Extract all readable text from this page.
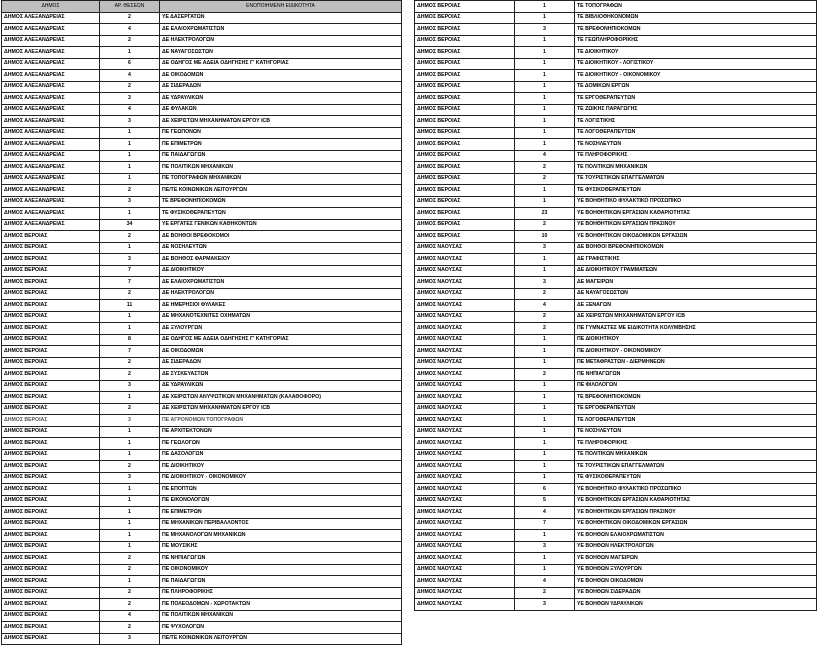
ΔΗΜΟΣ	ΑΡ. ΘΕΣΕΩΝ	ΕΝΟΠΟΙΗΜΕΝΗ ΕΙΔΙΚΟΤΗΤΑ
ΔΗΜΟΣ ΑΛΕΞΑΝΔΡΕΙΑΣ	2	ΥΕ ΔΑΣΕΡΓΑΤΩΝ
ΔΗΜΟΣ ΑΛΕΞΑΝΔΡΕΙΑΣ	4	ΔΕ ΕΛΑΙΟΧΡΩΜΑΤΙΣΤΩΝ
ΔΗΜΟΣ ΑΛΕΞΑΝΔΡΕΙΑΣ	2	ΔΕ ΗΛΕΚΤΡΟΛΟΓΩΝ
ΔΗΜΟΣ ΑΛΕΞΑΝΔΡΕΙΑΣ	1	ΔΕ ΝΑΥΑΓΟΣΩΣΤΩΝ
ΔΗΜΟΣ ΑΛΕΞΑΝΔΡΕΙΑΣ	6	ΔΕ ΟΔΗΓΟΣ ΜΕ ΑΔΕΙΑ ΟΔΗΓΗΣΗΣ Γ' ΚΑΤΗΓΟΡΙΑΣ
ΔΗΜΟΣ ΑΛΕΞΑΝΔΡΕΙΑΣ	4	ΔΕ ΟΙΚΟΔΟΜΩΝ
ΔΗΜΟΣ ΑΛΕΞΑΝΔΡΕΙΑΣ	2	ΔΕ ΣΙΔΕΡΑΔΩΝ
ΔΗΜΟΣ ΑΛΕΞΑΝΔΡΕΙΑΣ	3	ΔΕ ΥΔΡΑΥΛΙΚΩΝ
ΔΗΜΟΣ ΑΛΕΞΑΝΔΡΕΙΑΣ	4	ΔΕ ΦΥΛΑΚΩΝ
ΔΗΜΟΣ ΑΛΕΞΑΝΔΡΕΙΑΣ	3	ΔΕ ΧΕΙΡΙΣΤΩΝ ΜΗΧΑΝΗΜΑΤΩΝ ΕΡΓΟΥ ICB
ΔΗΜΟΣ ΑΛΕΞΑΝΔΡΕΙΑΣ	1	ΠΕ ΓΕΩΠΟΝΩΝ
ΔΗΜΟΣ ΑΛΕΞΑΝΔΡΕΙΑΣ	1	ΠΕ ΕΠΙΜΕΤΡΩΝ
ΔΗΜΟΣ ΑΛΕΞΑΝΔΡΕΙΑΣ	1	ΠΕ ΠΑΙΔΑΓΩΓΩΝ
ΔΗΜΟΣ ΑΛΕΞΑΝΔΡΕΙΑΣ	1	ΠΕ ΠΟΛΙΤΙΚΩΝ ΜΗΧΑΝΙΚΩΝ
ΔΗΜΟΣ ΑΛΕΞΑΝΔΡΕΙΑΣ	1	ΠΕ ΤΟΠΟΓΡΑΦΩΝ ΜΗΧΑΝΙΚΩΝ
ΔΗΜΟΣ ΑΛΕΞΑΝΔΡΕΙΑΣ	2	ΠΕ/ΤΕ ΚΟΙΝΩΝΙΚΩΝ ΛΕΙΤΟΥΡΓΩΝ
ΔΗΜΟΣ ΑΛΕΞΑΝΔΡΕΙΑΣ	3	ΤΕ ΒΡΕΦΟΝΗΠΙΟΚΟΜΩΝ
ΔΗΜΟΣ ΑΛΕΞΑΝΔΡΕΙΑΣ	1	ΤΕ ΦΥΣΙΚΟΘΕΡΑΠΕΥΤΩΝ
ΔΗΜΟΣ ΑΛΕΞΑΝΔΡΕΙΑΣ	34	ΥΕ ΕΡΓΑΤΕΣ ΓΕΝΙΚΩΝ ΚΑΘΗΚΟΝΤΩΝ
ΔΗΜΟΣ ΒΕΡΟΙΑΣ	2	ΔΕ ΒΟΗΘΟΙ ΒΡΕΦΟΚΟΜΟΙ
ΔΗΜΟΣ ΒΕΡΟΙΑΣ	1	ΔΕ ΝΟΣΗΛΕΥΤΩΝ
ΔΗΜΟΣ ΒΕΡΟΙΑΣ	3	ΔΕ ΒΟΗΘΟΣ ΦΑΡΜΑΚΕΙΟΥ
ΔΗΜΟΣ ΒΕΡΟΙΑΣ	7	ΔΕ ΔΙΟΙΚΗΤΙΚΟΥ
ΔΗΜΟΣ ΒΕΡΟΙΑΣ	7	ΔΕ ΕΛΑΙΟΧΡΩΜΑΤΙΣΤΩΝ
ΔΗΜΟΣ ΒΕΡΟΙΑΣ	2	ΔΕ ΗΛΕΚΤΡΟΛΟΓΩΝ
ΔΗΜΟΣ ΒΕΡΟΙΑΣ	11	ΔΕ ΗΜΕΡΗΣΙΟΙ ΦΥΛΑΚΕΣ
ΔΗΜΟΣ ΒΕΡΟΙΑΣ	1	ΔΕ ΜΗΧΑΝΟΤΕΧΝΙΤΕΣ ΟΧΗΜΑΤΩΝ
ΔΗΜΟΣ ΒΕΡΟΙΑΣ	1	ΔΕ ΞΥΛΟΥΡΓΩΝ
ΔΗΜΟΣ ΒΕΡΟΙΑΣ	8	ΔΕ ΟΔΗΓΟΣ ΜΕ ΑΔΕΙΑ ΟΔΗΓΗΣΗΣ Γ' ΚΑΤΗΓΟΡΙΑΣ
ΔΗΜΟΣ ΒΕΡΟΙΑΣ	7	ΔΕ ΟΙΚΟΔΟΜΩΝ
ΔΗΜΟΣ ΒΕΡΟΙΑΣ	2	ΔΕ ΣΙΔΕΡΑΔΩΝ
ΔΗΜΟΣ ΒΕΡΟΙΑΣ	2	ΔΕ ΣΥΣΚΕΥΑΣΤΩΝ
ΔΗΜΟΣ ΒΕΡΟΙΑΣ	3	ΔΕ ΥΔΡΑΥΛΙΚΩΝ
ΔΗΜΟΣ ΒΕΡΟΙΑΣ	1	ΔΕ ΧΕΙΡΙΣΤΩΝ ΑΝΥΨΩΤΙΚΩΝ ΜΗΧΑΝΗΜΑΤΩΝ (ΚΑΛΑΘΟΦΟΡΟ)
ΔΗΜΟΣ ΒΕΡΟΙΑΣ	2	ΔΕ ΧΕΙΡΙΣΤΩΝ ΜΗΧΑΝΗΜΑΤΩΝ ΕΡΓΟΥ ICB
ΔΗΜΟΣ ΒΕΡΟΙΑΣ	3	ΠΕ ΑΓΡΟΝΟΜΩΝ ΤΟΠΟΓΡΑΦΩΝ
ΔΗΜΟΣ ΒΕΡΟΙΑΣ	1	ΠΕ ΑΡΧΙΤΕΚΤΟΝΩΝ
ΔΗΜΟΣ ΒΕΡΟΙΑΣ	1	ΠΕ ΓΕΩΛΟΓΩΝ
ΔΗΜΟΣ ΒΕΡΟΙΑΣ	1	ΠΕ ΔΑΣΟΛΟΓΩΝ
ΔΗΜΟΣ ΒΕΡΟΙΑΣ	2	ΠΕ ΔΙΟΙΚΗΤΙΚΟΥ
ΔΗΜΟΣ ΒΕΡΟΙΑΣ	3	ΠΕ ΔΙΟΙΚΗΤΙΚΟΥ - ΟΙΚΟΝΟΜΙΚΟΥ
ΔΗΜΟΣ ΒΕΡΟΙΑΣ	1	ΠΕ ΕΠΟΠΤΩΝ
ΔΗΜΟΣ ΒΕΡΟΙΑΣ	1	ΠΕ ΕΙΚΟΝΟΛΟΓΩΝ
ΔΗΜΟΣ ΒΕΡΟΙΑΣ	1	ΠΕ ΕΠΙΜΕΤΡΩΝ
ΔΗΜΟΣ ΒΕΡΟΙΑΣ	1	ΠΕ ΜΗΧΑΝΙΚΩΝ ΠΕΡΙΒΑΛΛΟΝΤΟΣ
ΔΗΜΟΣ ΒΕΡΟΙΑΣ	1	ΠΕ ΜΗΧΑΝΟΛΟΓΩΝ ΜΗΧΑΝΙΚΩΝ
ΔΗΜΟΣ ΒΕΡΟΙΑΣ	1	ΠΕ ΜΟΥΣΙΚΗΣ
ΔΗΜΟΣ ΒΕΡΟΙΑΣ	2	ΠΕ ΝΗΠΙΑΓΩΓΩΝ
ΔΗΜΟΣ ΒΕΡΟΙΑΣ	2	ΠΕ ΟΙΚΟΝΟΜΙΚΟΥ
ΔΗΜΟΣ ΒΕΡΟΙΑΣ	1	ΠΕ ΠΑΙΔΑΓΩΓΩΝ
ΔΗΜΟΣ ΒΕΡΟΙΑΣ	2	ΠΕ ΠΛΗΡΟΦΟΡΙΚΗΣ
ΔΗΜΟΣ ΒΕΡΟΙΑΣ	2	ΠΕ ΠΟΛΕΟΔΟΜΩΝ - ΧΩΡΟΤΑΚΤΩΝ
ΔΗΜΟΣ ΒΕΡΟΙΑΣ	4	ΠΕ ΠΟΛΙΤΙΚΩΝ ΜΗΧΑΝΙΚΩΝ
ΔΗΜΟΣ ΒΕΡΟΙΑΣ	2	ΠΕ ΨΥΧΟΛΟΓΩΝ
ΔΗΜΟΣ ΒΕΡΟΙΑΣ	3	ΠΕ/ΤΕ ΚΟΙΝΩΝΙΚΩΝ ΛΕΙΤΟΥΡΓΩΝ
ΔΗΜΟΣ ΒΕΡΟΙΑΣ	1	ΤΕ ΤΟΠΟΓΡΑΦΩΝ
ΔΗΜΟΣ ΒΕΡΟΙΑΣ	1	ΤΕ ΒΙΒΛΙΟΘΗΚΟΝΟΜΩΝ
ΔΗΜΟΣ ΒΕΡΟΙΑΣ	3	ΤΕ ΒΡΕΦΟΝΗΠΙΟΚΟΜΩΝ
ΔΗΜΟΣ ΒΕΡΟΙΑΣ	1	ΤΕ ΓΕΩΠΛΗΡΟΦΟΡΙΚΗΣ
ΔΗΜΟΣ ΒΕΡΟΙΑΣ	1	ΤΕ ΔΙΟΙΚΗΤΙΚΟΥ
ΔΗΜΟΣ ΒΕΡΟΙΑΣ	1	ΤΕ ΔΙΟΙΚΗΤΙΚΟΥ - ΛΟΓΙΣΤΙΚΟΥ
ΔΗΜΟΣ ΒΕΡΟΙΑΣ	1	ΤΕ ΔΙΟΙΚΗΤΙΚΟΥ - ΟΙΚΟΝΟΜΙΚΟΥ
ΔΗΜΟΣ ΒΕΡΟΙΑΣ	1	ΤΕ ΔΟΜΙΚΩΝ ΕΡΓΩΝ
ΔΗΜΟΣ ΒΕΡΟΙΑΣ	1	ΤΕ ΕΡΓΟΘΕΡΑΠΕΥΤΩΝ
ΔΗΜΟΣ ΒΕΡΟΙΑΣ	1	ΤΕ ΖΩΙΚΗΣ ΠΑΡΑΓΩΓΗΣ
ΔΗΜΟΣ ΒΕΡΟΙΑΣ	1	ΤΕ ΛΟΓΙΣΤΙΚΗΣ
ΔΗΜΟΣ ΒΕΡΟΙΑΣ	1	ΤΕ ΛΟΓΟΘΕΡΑΠΕΥΤΩΝ
ΔΗΜΟΣ ΒΕΡΟΙΑΣ	1	ΤΕ ΝΟΣΗΛΕΥΤΩΝ
ΔΗΜΟΣ ΒΕΡΟΙΑΣ	4	ΤΕ ΠΛΗΡΟΦΟΡΙΚΗΣ
ΔΗΜΟΣ ΒΕΡΟΙΑΣ	2	ΤΕ ΠΟΛΙΤΙΚΩΝ ΜΗΧΑΝΙΚΩΝ
ΔΗΜΟΣ ΒΕΡΟΙΑΣ	2	ΤΕ ΤΟΥΡΙΣΤΙΚΩΝ ΕΠΑΓΓΕΛΜΑΤΩΝ
ΔΗΜΟΣ ΒΕΡΟΙΑΣ	1	ΤΕ ΦΥΣΙΚΟΘΕΡΑΠΕΥΤΩΝ
ΔΗΜΟΣ ΒΕΡΟΙΑΣ	1	ΥΕ ΒΟΗΘΗΤΙΚΟ ΦΥΛΑΚΤΙΚΟ ΠΡΟΣΩΠΙΚΟ
ΔΗΜΟΣ ΒΕΡΟΙΑΣ	23	ΥΕ ΒΟΗΘΗΤΙΚΩΝ ΕΡΓΑΣΙΩΝ ΚΑΘΑΡΙΟΤΗΤΑΣ
ΔΗΜΟΣ ΒΕΡΟΙΑΣ	2	ΥΕ ΒΟΗΘΗΤΙΚΩΝ ΕΡΓΑΣΙΩΝ ΠΡΑΣΙΝΟΥ
ΔΗΜΟΣ ΒΕΡΟΙΑΣ	10	ΥΕ ΒΟΗΘΗΤΙΚΩΝ ΟΙΚΟΔΟΜΙΚΩΝ ΕΡΓΑΣΙΩΝ
ΔΗΜΟΣ ΝΑΟΥΣΑΣ	3	ΔΕ ΒΟΗΘΟΙ ΒΡΕΦΟΝΗΠΙΟΚΟΜΩΝ
ΔΗΜΟΣ ΝΑΟΥΣΑΣ	1	ΔΕ ΓΡΑΦΙΣΤΙΚΗΣ
ΔΗΜΟΣ ΝΑΟΥΣΑΣ	1	ΔΕ ΔΙΟΙΚΗΤΙΚΟΥ ΓΡΑΜΜΑΤΕΩΝ
ΔΗΜΟΣ ΝΑΟΥΣΑΣ	3	ΔΕ ΜΑΓΕΙΡΩΝ
ΔΗΜΟΣ ΝΑΟΥΣΑΣ	2	ΔΕ ΝΑΥΑΓΟΣΩΣΤΩΝ
ΔΗΜΟΣ ΝΑΟΥΣΑΣ	4	ΔΕ ΞΕΝΑΓΩΝ
ΔΗΜΟΣ ΝΑΟΥΣΑΣ	2	ΔΕ ΧΕΙΡΙΣΤΩΝ ΜΗΧΑΝΗΜΑΤΩΝ ΕΡΓΟΥ ICB
ΔΗΜΟΣ ΝΑΟΥΣΑΣ	2	ΠΕ ΓΥΜΝΑΣΤΕΣ ΜΕ ΕΙΔΙΚΟΤΗΤΑ ΚΟΛΥΜΒΗΣΗΣ
ΔΗΜΟΣ ΝΑΟΥΣΑΣ	1	ΠΕ ΔΙΟΙΚΗΤΙΚΟΥ
ΔΗΜΟΣ ΝΑΟΥΣΑΣ	1	ΠΕ ΔΙΟΙΚΗΤΙΚΟΥ - ΟΙΚΟΝΟΜΙΚΟΥ
ΔΗΜΟΣ ΝΑΟΥΣΑΣ	1	ΠΕ ΜΕΤΑΦΡΑΣΤΩΝ - ΔΙΕΡΜΗΝΕΩΝ
ΔΗΜΟΣ ΝΑΟΥΣΑΣ	2	ΠΕ ΝΗΠΙΑΓΩΓΩΝ
ΔΗΜΟΣ ΝΑΟΥΣΑΣ	1	ΠΕ ΦΙΛΟΛΟΓΩΝ
ΔΗΜΟΣ ΝΑΟΥΣΑΣ	1	ΤΕ ΒΡΕΦΟΝΗΠΙΟΚΟΜΩΝ
ΔΗΜΟΣ ΝΑΟΥΣΑΣ	1	ΤΕ ΕΡΓΟΘΕΡΑΠΕΥΤΩΝ
ΔΗΜΟΣ ΝΑΟΥΣΑΣ	1	ΤΕ ΛΟΓΟΘΕΡΑΠΕΥΤΩΝ
ΔΗΜΟΣ ΝΑΟΥΣΑΣ	1	ΤΕ ΝΟΣΗΛΕΥΤΩΝ
ΔΗΜΟΣ ΝΑΟΥΣΑΣ	1	ΤΕ ΠΛΗΡΟΦΟΡΙΚΗΣ
ΔΗΜΟΣ ΝΑΟΥΣΑΣ	1	ΤΕ ΠΟΛΙΤΙΚΩΝ ΜΗΧΑΝΙΚΩΝ
ΔΗΜΟΣ ΝΑΟΥΣΑΣ	1	ΤΕ ΤΟΥΡΙΣΤΙΚΩΝ ΕΠΑΓΓΕΛΜΑΤΩΝ
ΔΗΜΟΣ ΝΑΟΥΣΑΣ	1	ΤΕ ΦΥΣΙΚΟΘΕΡΑΠΕΥΤΩΝ
ΔΗΜΟΣ ΝΑΟΥΣΑΣ	6	ΥΕ ΒΟΗΘΗΤΙΚΟ ΦΥΛΑΚΤΙΚΟ ΠΡΟΣΩΠΙΚΟ
ΔΗΜΟΣ ΝΑΟΥΣΑΣ	5	ΥΕ ΒΟΗΘΗΤΙΚΩΝ ΕΡΓΑΣΙΩΝ ΚΑΘΑΡΙΟΤΗΤΑΣ
ΔΗΜΟΣ ΝΑΟΥΣΑΣ	4	ΥΕ ΒΟΗΘΗΤΙΚΩΝ ΕΡΓΑΣΙΩΝ ΠΡΑΣΙΝΟΥ
ΔΗΜΟΣ ΝΑΟΥΣΑΣ	7	ΥΕ ΒΟΗΘΗΤΙΚΩΝ ΟΙΚΟΔΟΜΙΚΩΝ ΕΡΓΑΣΙΩΝ
ΔΗΜΟΣ ΝΑΟΥΣΑΣ	1	ΥΕ ΒΟΗΘΩΝ ΕΛΑΙΟΧΡΩΜΑΤΙΣΤΩΝ
ΔΗΜΟΣ ΝΑΟΥΣΑΣ	3	ΥΕ ΒΟΗΘΩΝ ΗΛΕΚΤΡΟΛΟΓΩΝ
ΔΗΜΟΣ ΝΑΟΥΣΑΣ	1	ΥΕ ΒΟΗΘΩΝ ΜΑΓΕΙΡΩΝ
ΔΗΜΟΣ ΝΑΟΥΣΑΣ	1	ΥΕ ΒΟΗΘΩΝ ΞΥΛΟΥΡΓΩΝ
ΔΗΜΟΣ ΝΑΟΥΣΑΣ	4	ΥΕ ΒΟΗΘΩΝ ΟΙΚΟΔΟΜΩΝ
ΔΗΜΟΣ ΝΑΟΥΣΑΣ	2	ΥΕ ΒΟΗΘΩΝ ΣΙΔΕΡΑΔΩΝ
ΔΗΜΟΣ ΝΑΟΥΣΑΣ	3	ΥΕ ΒΟΗΘΩΝ ΥΔΡΑΥΛΙΚΩΝ
